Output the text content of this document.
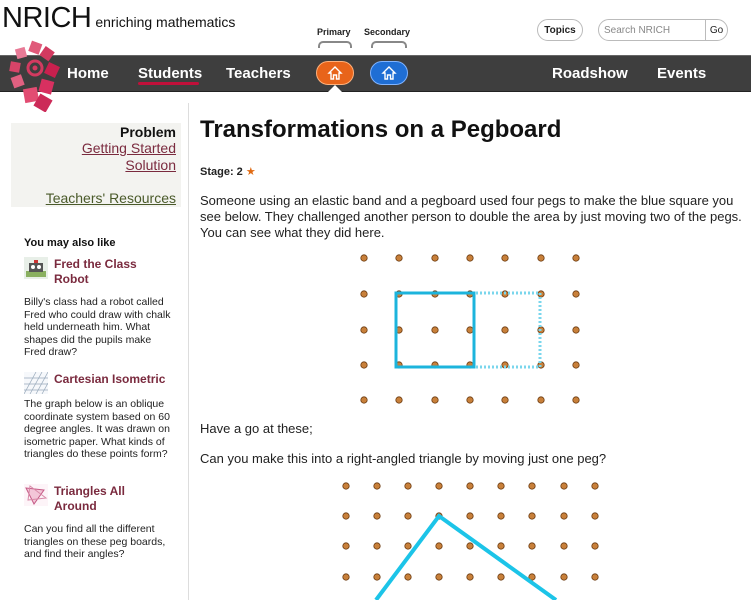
NRICH enriching mathematics	Topics
Search NRICH	Go
Primary Secondary
Home Students Teachers	Roadshow Events
Problem
Getting Started
Solution
Teachers' Resources
You may also like
Fred the Class
Robot
Billy's class had a robot called Fred who could draw with chalk held underneath him. What shapes did the pupils make Fred draw?
Cartesian Isometric
The graph below is an oblique coordinate system based on 60 degree angles. It was drawn on isometric paper. What kinds of triangles do these points form?
Triangles All
Around
Can you find all the different triangles on these peg boards, and find their angles?
Transformations on a Pegboard
Stage: 2 ★
Someone using an elastic band and a pegboard used four pegs to make the blue square you see below. They challenged another person to double the area by just moving two of the pegs. You can see what they did here.
Have a go at these;
Can you make this into a right-angled triangle by moving just one peg?
